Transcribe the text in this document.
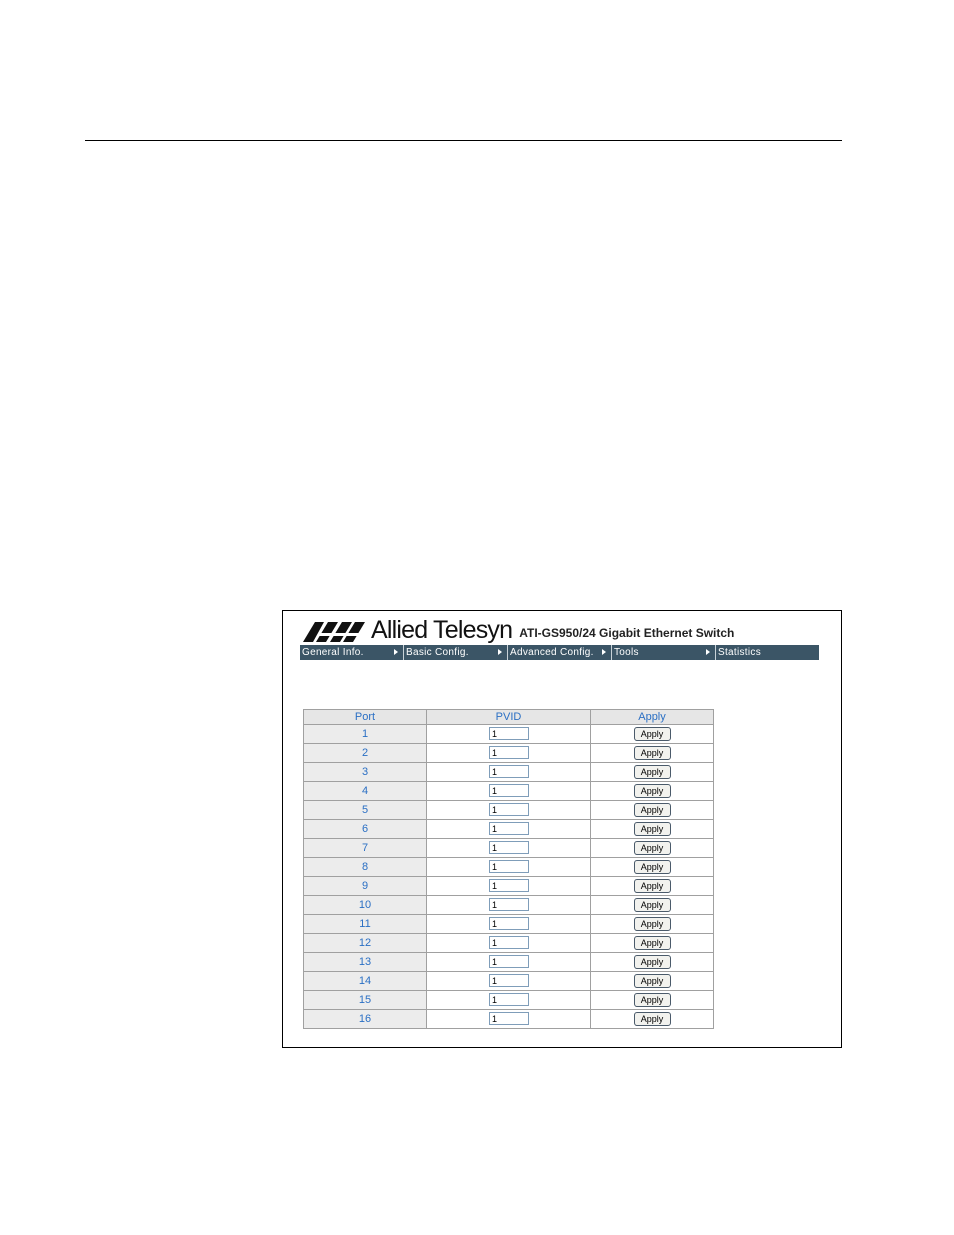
Allied Telesyn ATI-GS950/24 Gigabit Ethernet Switch
General Info.	Basic Config.	Advanced Config.	Tools	Statistics
Port	PVID	Apply
1	1	Apply
2	1	Apply
3	1	Apply
4	1	Apply
5	1	Apply
6	1	Apply
7	1	Apply
8	1	Apply
9	1	Apply
10	1	Apply
11	1	Apply
12	1	Apply
13	1	Apply
14	1	Apply
15	1	Apply
16	1	Apply
